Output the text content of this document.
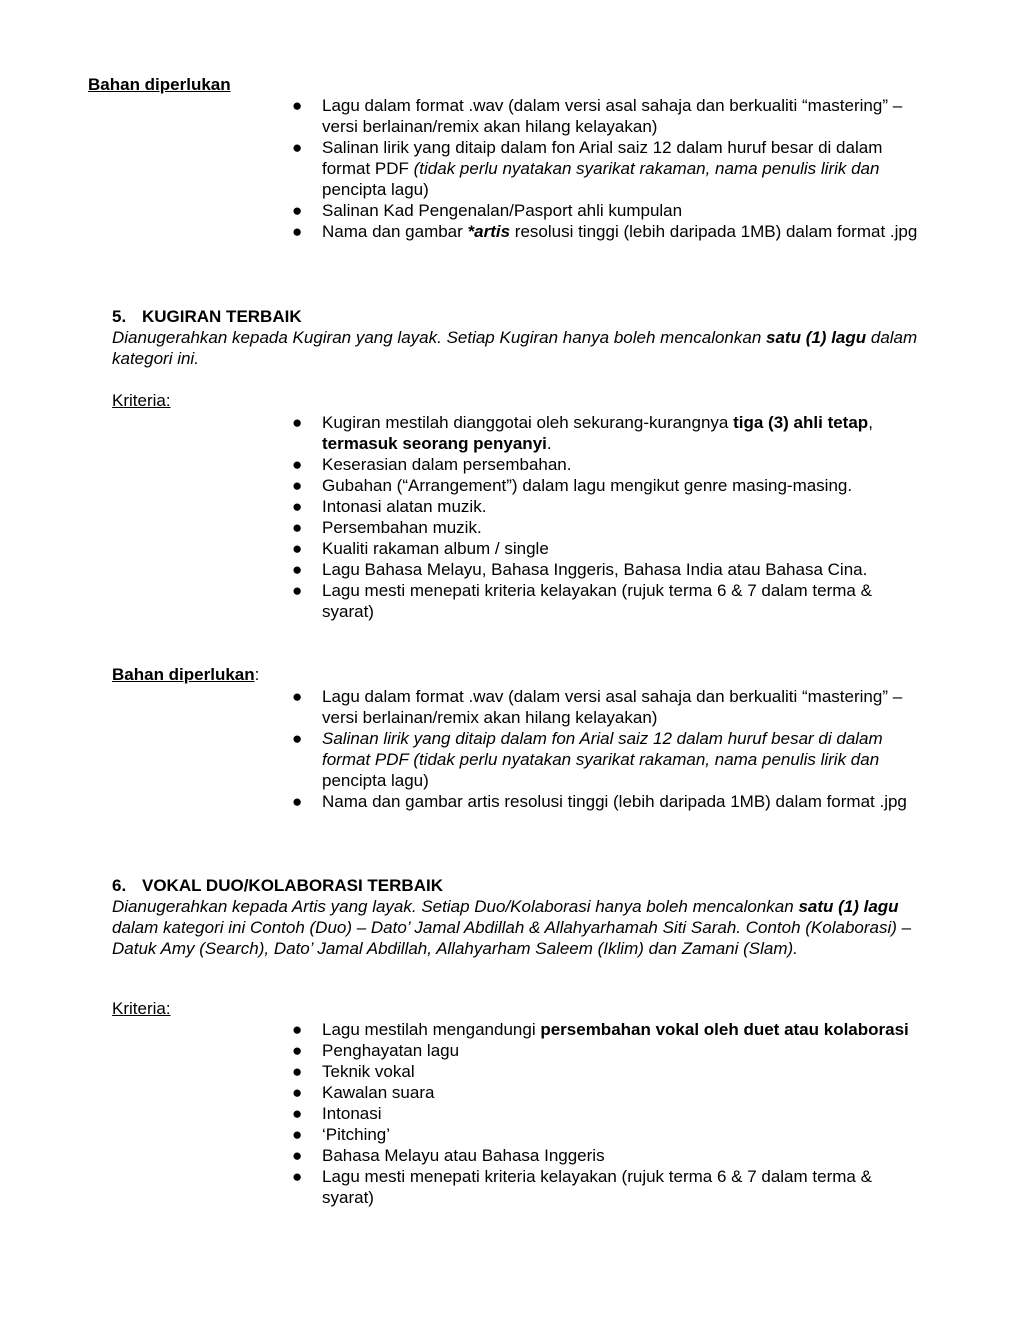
Bahan diperlukan
● Lagu dalam format .wav (dalam versi asal sahaja dan berkualiti “mastering” – versi berlainan/remix akan hilang kelayakan)
● Salinan lirik yang ditaip dalam fon Arial saiz 12 dalam huruf besar di dalam format PDF (tidak perlu nyatakan syarikat rakaman, nama penulis lirik dan pencipta lagu)
● Salinan Kad Pengenalan/Pasport ahli kumpulan
● Nama dan gambar *artis resolusi tinggi (lebih daripada 1MB) dalam format .jpg
5. KUGIRAN TERBAIK
Dianugerahkan kepada Kugiran yang layak. Setiap Kugiran hanya boleh mencalonkan satu (1) lagu dalam kategori ini.
Kriteria:
● Kugiran mestilah dianggotai oleh sekurang-kurangnya tiga (3) ahli tetap, termasuk seorang penyanyi.
● Keserasian dalam persembahan.
● Gubahan (“Arrangement”) dalam lagu mengikut genre masing-masing.
● Intonasi alatan muzik.
● Persembahan muzik.
● Kualiti rakaman album / single
● Lagu Bahasa Melayu, Bahasa Inggeris, Bahasa India atau Bahasa Cina.
● Lagu mesti menepati kriteria kelayakan (rujuk terma 6 & 7 dalam terma & syarat)
Bahan diperlukan:
● Lagu dalam format .wav (dalam versi asal sahaja dan berkualiti “mastering” – versi berlainan/remix akan hilang kelayakan)
● Salinan lirik yang ditaip dalam fon Arial saiz 12 dalam huruf besar di dalam format PDF (tidak perlu nyatakan syarikat rakaman, nama penulis lirik dan pencipta lagu)
● Nama dan gambar artis resolusi tinggi (lebih daripada 1MB) dalam format .jpg
6. VOKAL DUO/KOLABORASI TERBAIK
Dianugerahkan kepada Artis yang layak. Setiap Duo/Kolaborasi hanya boleh mencalonkan satu (1) lagu dalam kategori ini Contoh (Duo) – Dato’ Jamal Abdillah & Allahyarhamah Siti Sarah. Contoh (Kolaborasi) – Datuk Amy (Search), Dato’ Jamal Abdillah, Allahyarham Saleem (Iklim) dan Zamani (Slam).
Kriteria:
● Lagu mestilah mengandungi persembahan vokal oleh duet atau kolaborasi
● Penghayatan lagu
● Teknik vokal
● Kawalan suara
● Intonasi
● ‘Pitching’
● Bahasa Melayu atau Bahasa Inggeris
● Lagu mesti menepati kriteria kelayakan (rujuk terma 6 & 7 dalam terma & syarat)
